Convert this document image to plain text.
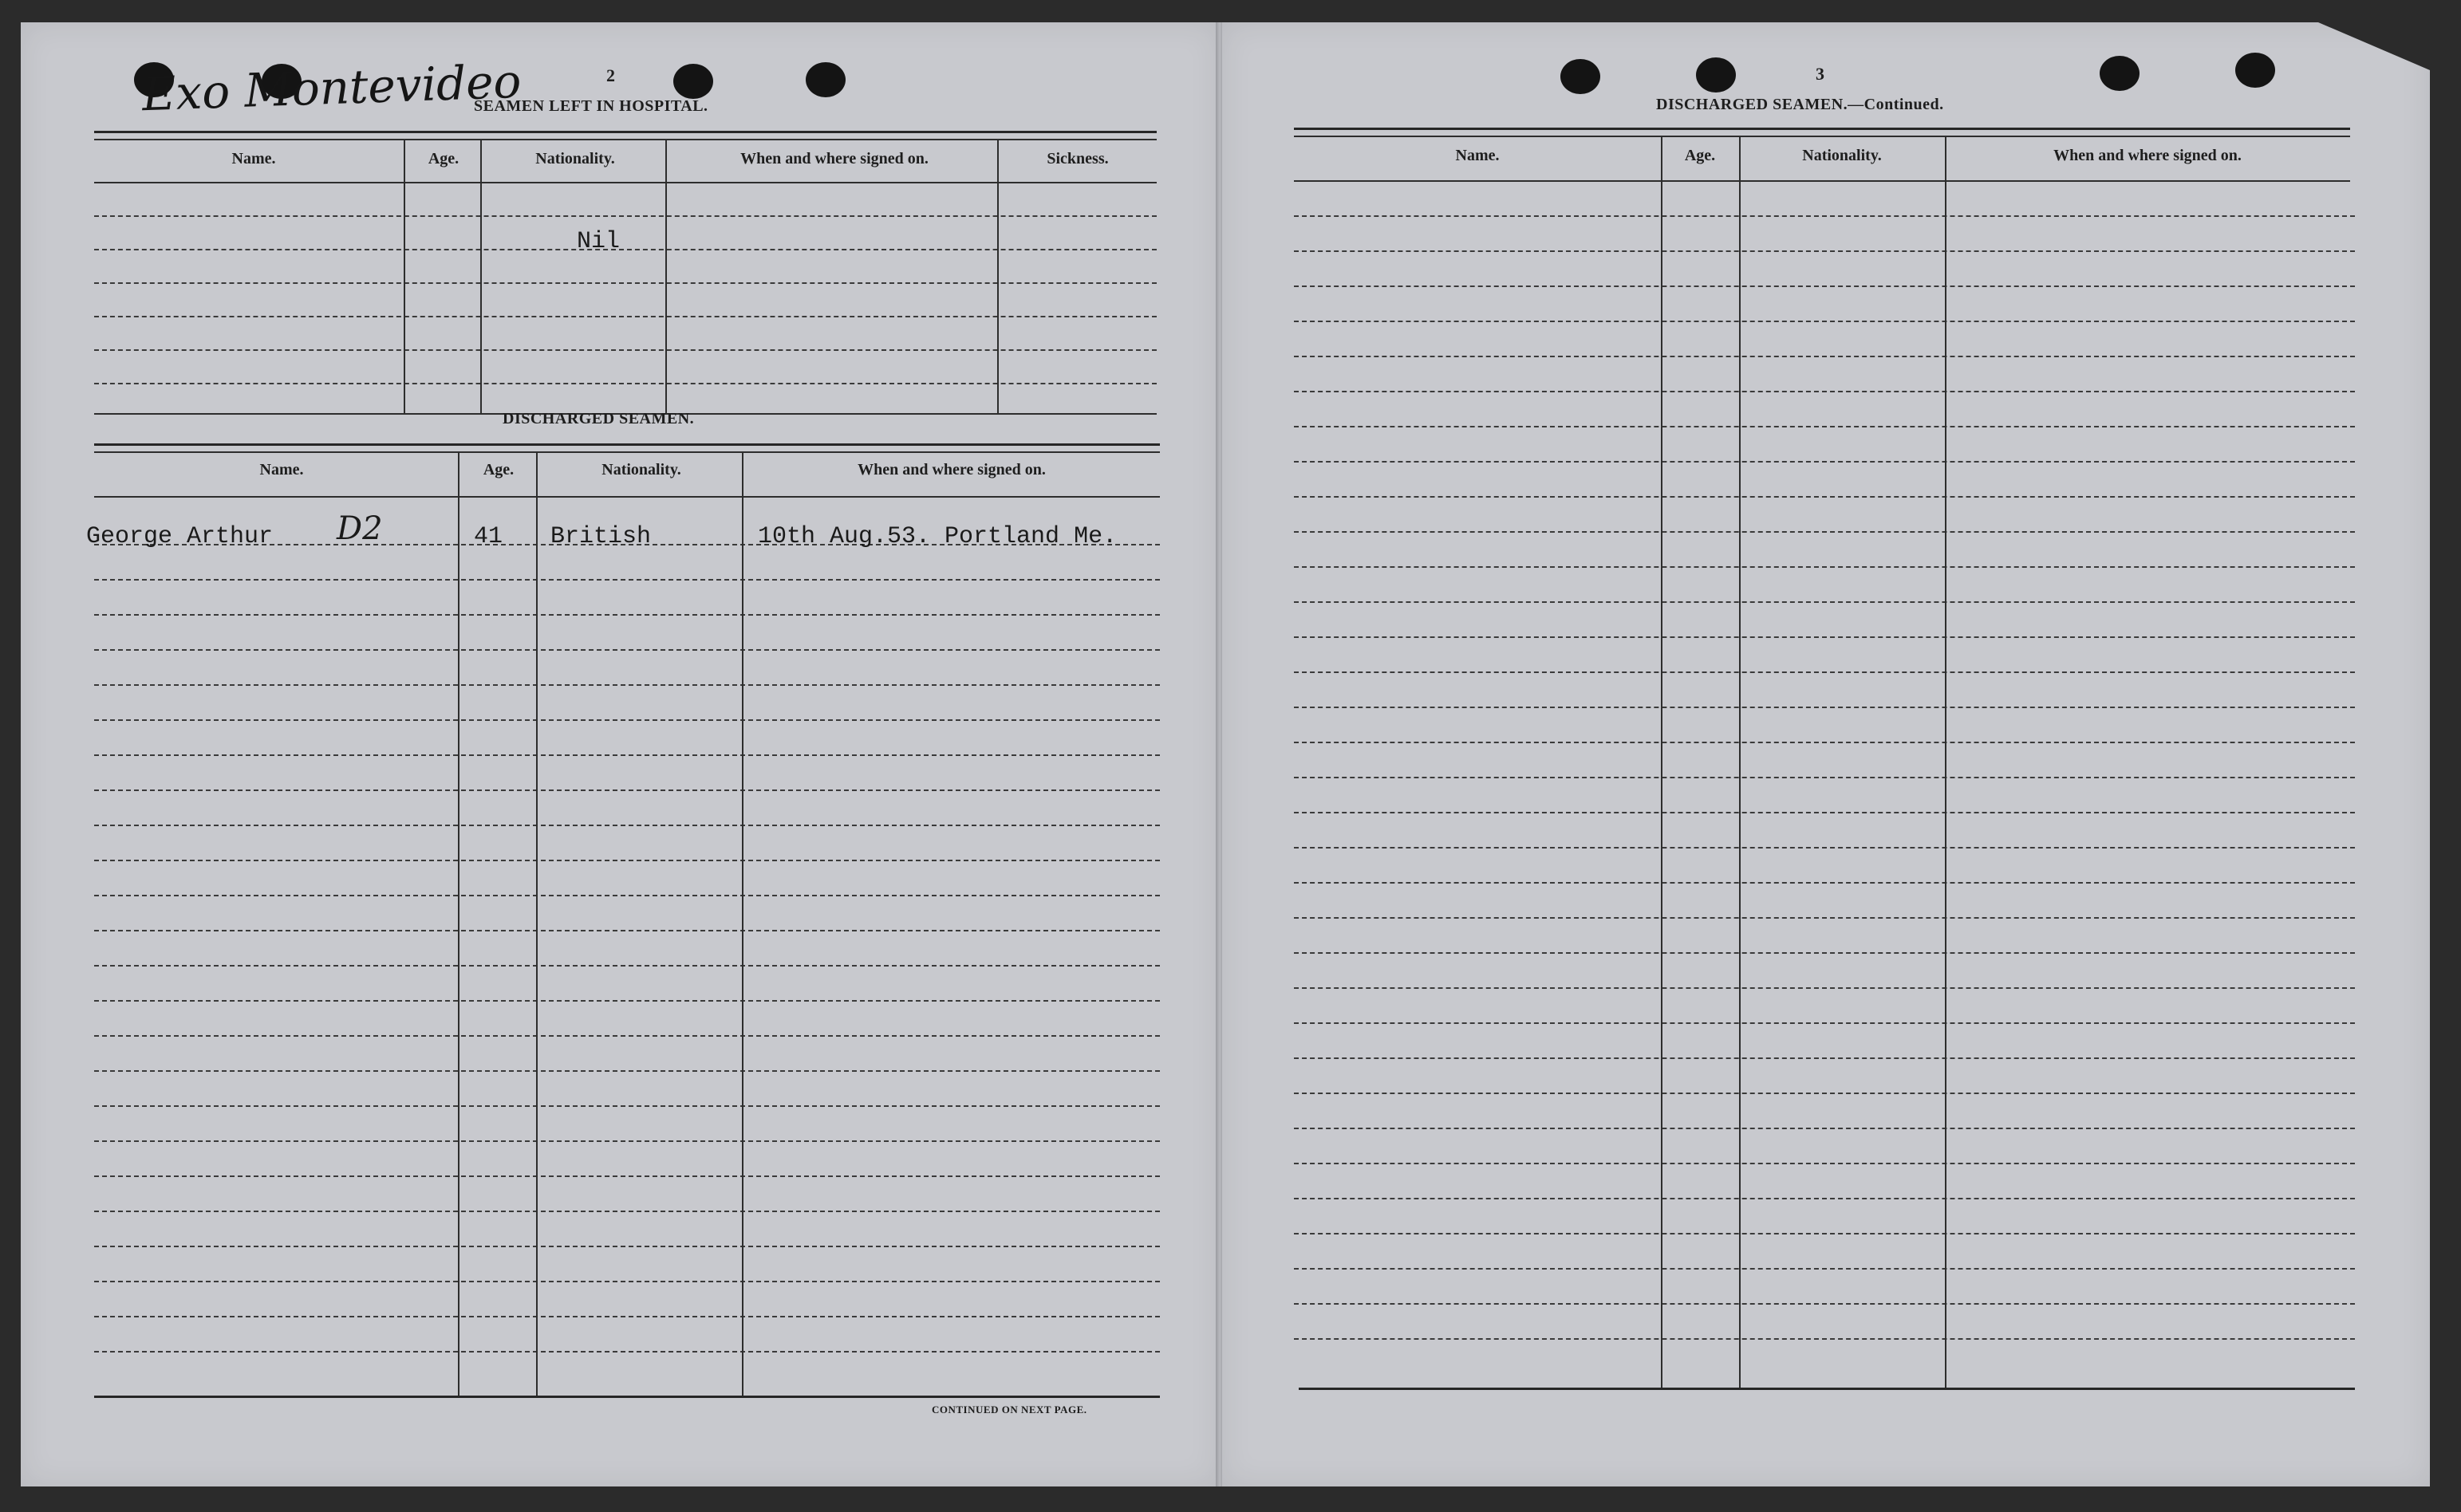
Exo Montevideo	2
SEAMEN LEFT IN HOSPITAL.
Name.	Age.	Nationality.	When and where signed on.	Sickness.
Nil
DISCHARGED SEAMEN.
Name.	Age.	Nationality.	When and where signed on.
George Arthur D2	41 British	10th Aug.53. Portland Me.
CONTINUED ON NEXT PAGE.
3
DISCHARGED SEAMEN.—Continued.
Name.	Age.	Nationality.	When and where signed on.
